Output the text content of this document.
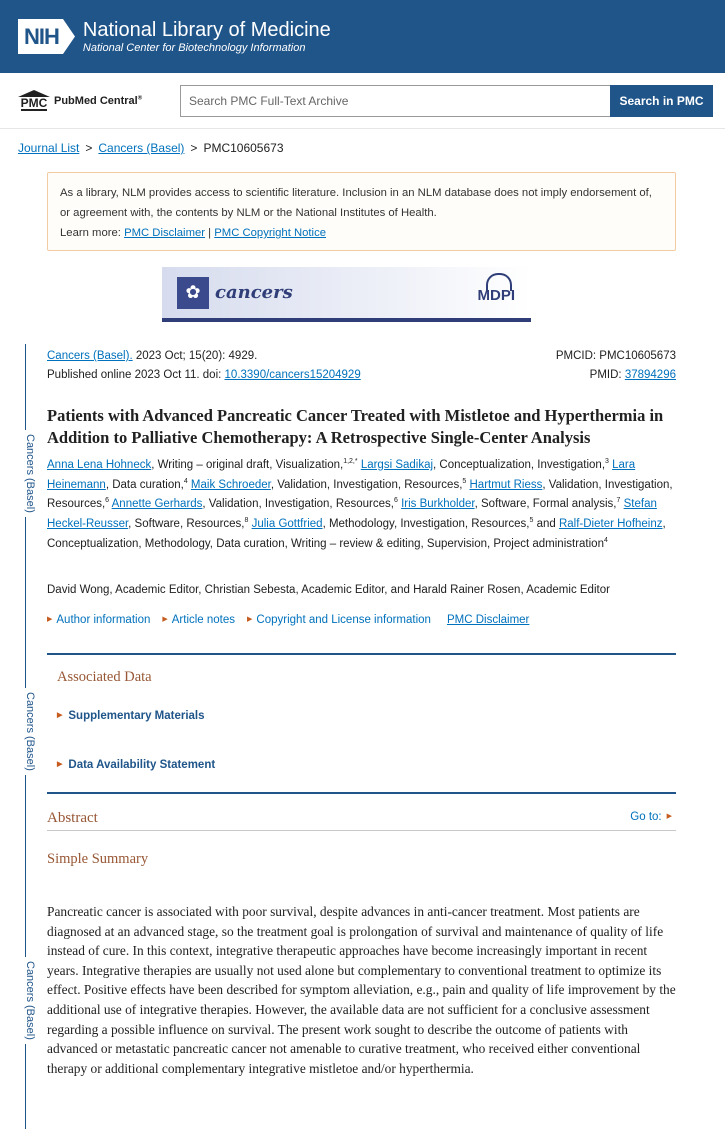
NIH National Library of Medicine
National Center for Biotechnology Information
PMC PubMed Central®
Search PMC Full-Text Archive	Search in PMC
Journal List > Cancers (Basel) > PMC10605673
As a library, NLM provides access to scientific literature. Inclusion in an NLM database does not imply endorsement of, or agreement with, the contents by NLM or the National Institutes of Health.
Learn more: PMC Disclaimer | PMC Copyright Notice
✿ cancers	MDPI
Cancers (Basel)
Cancers (Basel)
Cancers (Basel)
Cancers (Basel). 2023 Oct; 15(20): 4929.
Published online 2023 Oct 11. doi: 10.3390/cancers15204929
PMCID: PMC10605673
PMID: 37894296
Patients with Advanced Pancreatic Cancer Treated with Mistletoe and Hyperthermia in Addition to Palliative Chemotherapy: A Retrospective Single-Center Analysis
Anna Lena Hohneck, Writing – original draft, Visualization,$^{1,2,*}$ Largsi Sadikaj, Conceptualization, Investigation,$^3$ Lara Heinemann, Data curation,$^4$ Maik Schroeder, Validation, Investigation, Resources,$^5$ Hartmut Riess, Validation, Investigation, Resources,$^6$ Annette Gerhards, Validation, Investigation, Resources,$^6$ Iris Burkholder, Software, Formal analysis,$^7$ Stefan Heckel-Reusser, Software, Resources,$^8$ Julia Gottfried, Methodology, Investigation, Resources,$^5$ and Ralf-Dieter Hofheinz, Conceptualization, Methodology, Data curation, Writing – review & editing, Supervision, Project administration$^4$
David Wong, Academic Editor, Christian Sebesta, Academic Editor, and Harald Rainer Rosen, Academic Editor
▶ Author information ▶ Article notes ▶ Copyright and License information PMC Disclaimer
Associated Data
▶ Supplementary Materials
▶ Data Availability Statement
Abstract	Go to: ▶
Simple Summary

Pancreatic cancer is associated with poor survival, despite advances in anti-cancer treatment. Most patients are diagnosed at an advanced stage, so the treatment goal is prolongation of survival and maintenance of quality of life instead of cure. In this context, integrative therapeutic approaches have become increasingly important in recent years. Integrative therapies are usually not used alone but complementary to conventional treatment to optimize its effect. Positive effects have been described for symptom alleviation, e.g., pain and quality of life improvement by the additional use of integrative therapies. However, the available data are not sufficient for a conclusive assessment regarding a possible influence on survival. The present work sought to describe the outcome of patients with advanced or metastatic pancreatic cancer not amenable to curative treatment, who received either conventional therapy or additional complementary integrative mistletoe and/or hyperthermia.
